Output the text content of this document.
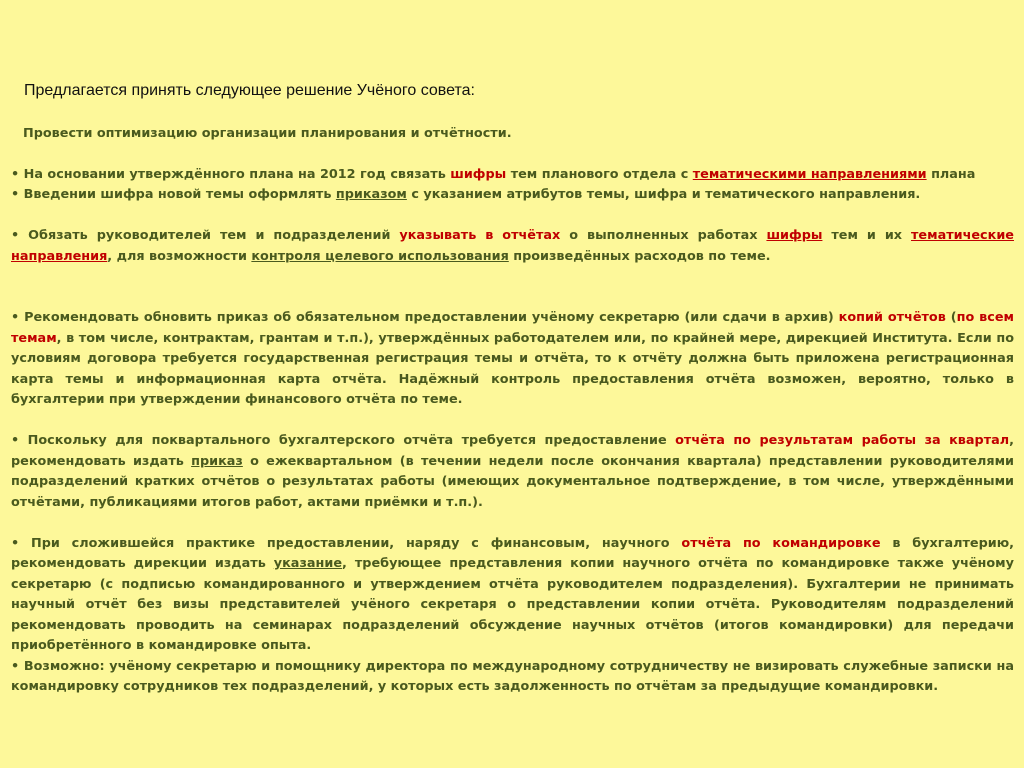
Предлагается принять следующее решение Учёного совета:
Провести оптимизацию организации планирования и отчётности.

• На основании утверждённого плана на 2012 год связать шифры тем планового отдела с тематическими направлениями плана

• Введении шифра новой темы оформлять приказом с указанием атрибутов темы, шифра и тематического направления.

• Обязать руководителей тем и подразделений указывать в отчётах о выполненных работах шифры тем и их тематические направления, для возможности контроля целевого использования произведённых расходов по теме.

• Рекомендовать обновить приказ об обязательном предоставлении учёному секретарю (или сдачи в архив) копий отчётов (по всем темам, в том числе, контрактам, грантам и т.п.), утверждённых работодателем или, по крайней мере, дирекцией Института. Если по условиям договора требуется государственная регистрация темы и отчёта, то к отчёту должна быть приложена регистрационная карта темы и информационная карта отчёта. Надёжный контроль предоставления отчёта возможен, вероятно, только в бухгалтерии при утверждении финансового отчёта по теме.

• Поскольку для поквартального бухгалтерского отчёта требуется предоставление отчёта по результатам работы за квартал, рекомендовать издать приказ о ежеквартальном (в течении недели после окончания квартала) представлении руководителями подразделений кратких отчётов о результатах работы (имеющих документальное подтверждение, в том числе, утверждёнными отчётами, публикациями итогов работ, актами приёмки и т.п.).

• При сложившейся практике предоставлении, наряду с финансовым, научного отчёта по командировке в бухгалтерию, рекомендовать дирекции издать указание, требующее представления копии научного отчёта по командировке также учёному секретарю (с подписью командированного и утверждением отчёта руководителем подразделения). Бухгалтерии не принимать научный отчёт без визы представителей учёного секретаря о представлении копии отчёта. Руководителям подразделений рекомендовать проводить на семинарах подразделений обсуждение научных отчётов (итогов командировки) для передачи приобретённого в командировке опыта.

• Возможно: учёному секретарю и помощнику директора по международному сотрудничеству не визировать служебные записки на командировку сотрудников тех подразделений, у которых есть задолженность по отчётам за предыдущие командировки.
